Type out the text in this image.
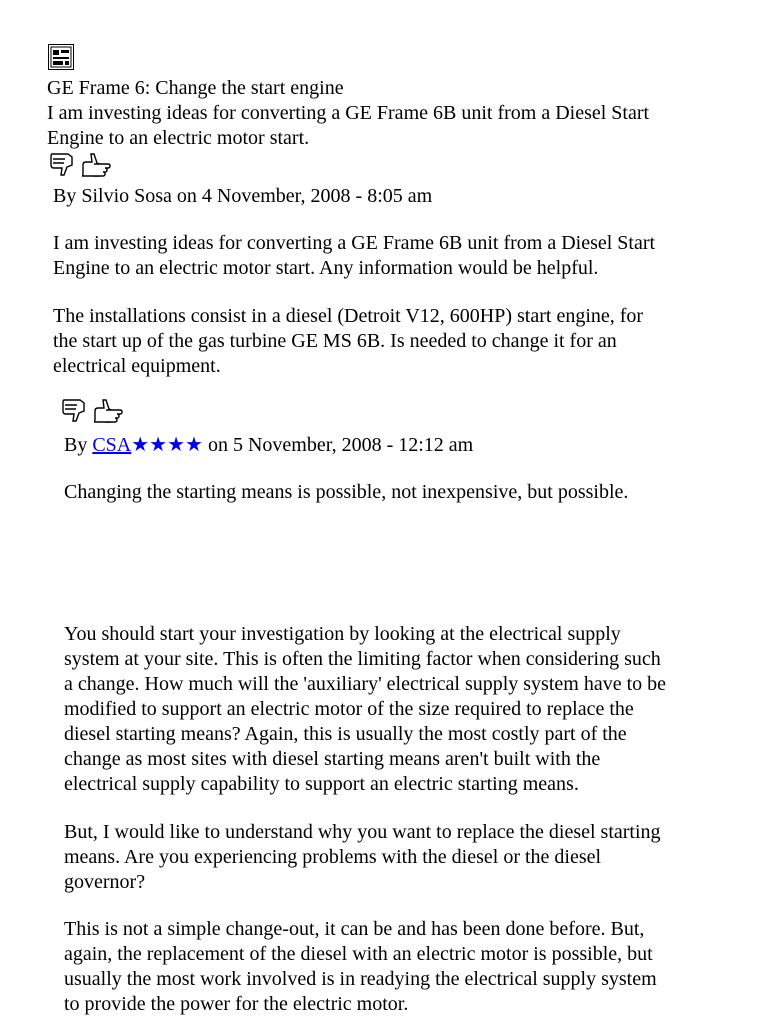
GE Frame 6: Change the start engine
I am investing ideas for converting a GE Frame 6B unit from a Diesel Start
Engine to an electric motor start.
By Silvio Sosa on 4 November, 2008 - 8:05 am
I am investing ideas for converting a GE Frame 6B unit from a Diesel Start
Engine to an electric motor start. Any information would be helpful.
The installations consist in a diesel (Detroit V12, 600HP) start engine, for
the start up of the gas turbine GE MS 6B. Is needed to change it for an
electrical equipment.
By CSA★★★★ on 5 November, 2008 - 12:12 am
Changing the starting means is possible, not inexpensive, but possible.
You should start your investigation by looking at the electrical supply
system at your site. This is often the limiting factor when considering such
a change. How much will the 'auxiliary' electrical supply system have to be
modified to support an electric motor of the size required to replace the
diesel starting means? Again, this is usually the most costly part of the
change as most sites with diesel starting means aren't built with the
electrical supply capability to support an electric starting means.
But, I would like to understand why you want to replace the diesel starting
means. Are you experiencing problems with the diesel or the diesel
governor?
This is not a simple change-out, it can be and has been done before. But,
again, the replacement of the diesel with an electric motor is possible, but
usually the most work involved is in readying the electrical supply system
to provide the power for the electric motor.
